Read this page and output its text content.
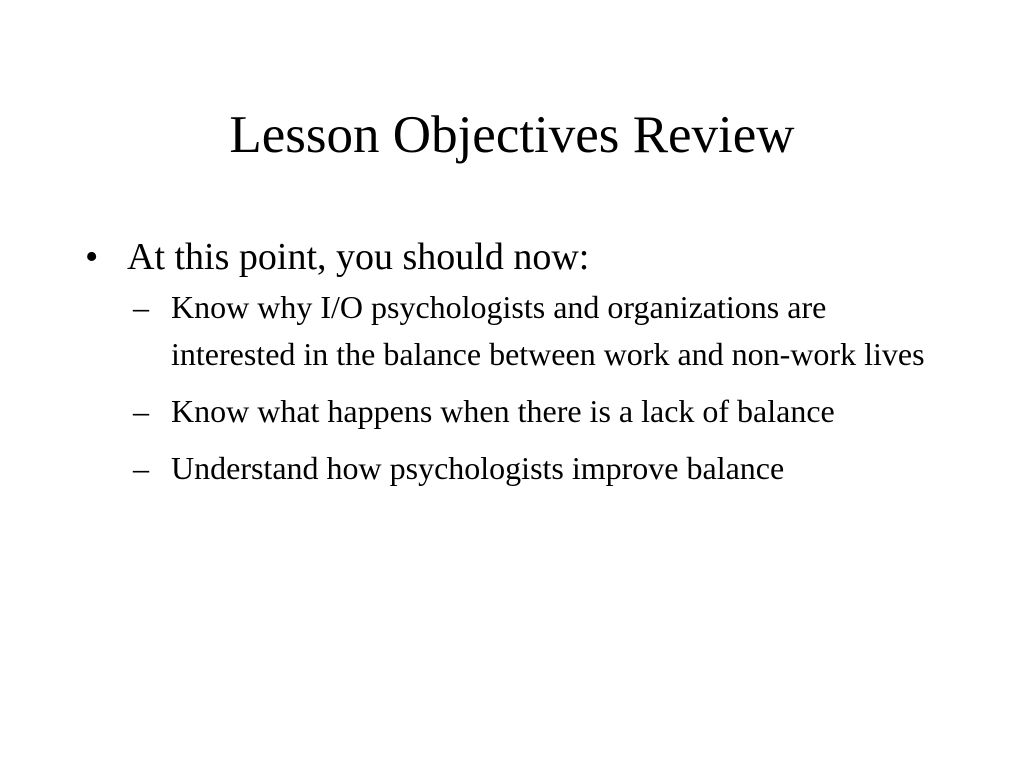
Lesson Objectives Review
• At this point, you should now:
– Know why I/O psychologists and organizations are interested in the balance between work and non-work lives
– Know what happens when there is a lack of balance
– Understand how psychologists improve balance
